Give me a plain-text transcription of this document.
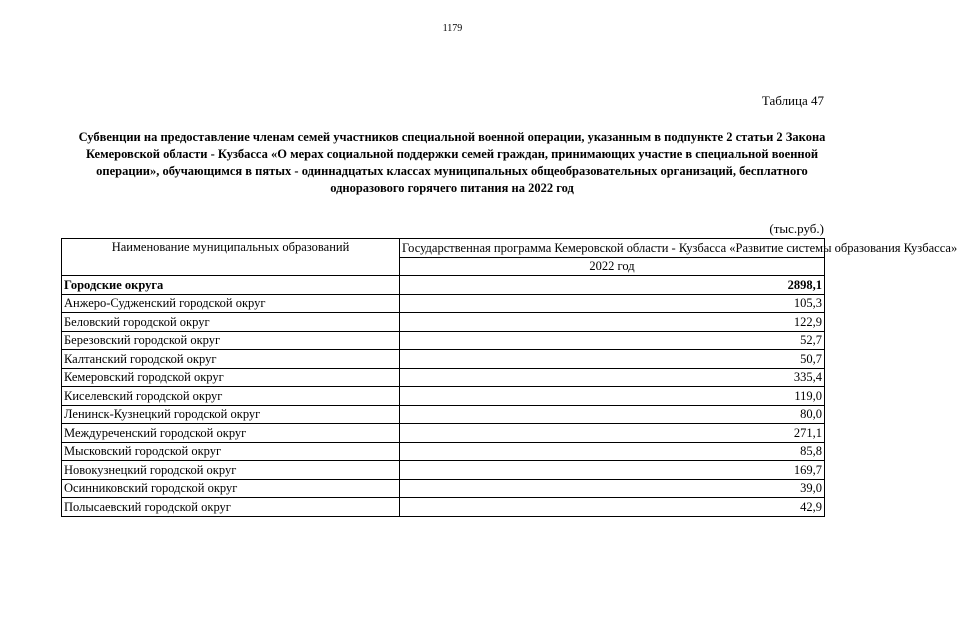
1179
Таблица 47
Субвенции на предоставление членам семей участников специальной военной операции, указанным в подпункте 2 статьи 2 Закона Кемеровской области - Кузбасса «О мерах социальной поддержки семей граждан, принимающих участие в специальной военной операции», обучающимся в пятых - одиннадцатых классах муниципальных общеобразовательных организаций, бесплатного одноразового горячего питания на 2022 год
(тыс.руб.)
Наименование муниципальных образований	Государственная программа Кемеровской области - Кузбасса «Развитие системы образования Кузбасса»
	2022 год
Городские округа	2898,1
Анжеро-Судженский городской округ	105,3
Беловский городской округ	122,9
Березовский городской округ	52,7
Калтанский городской округ	50,7
Кемеровский городской округ	335,4
Киселевский городской округ	119,0
Ленинск-Кузнецкий городской округ	80,0
Междуреченский городской округ	271,1
Мысковский городской округ	85,8
Новокузнецкий городской округ	169,7
Осинниковский городской округ	39,0
Полысаевский городской округ	42,9
